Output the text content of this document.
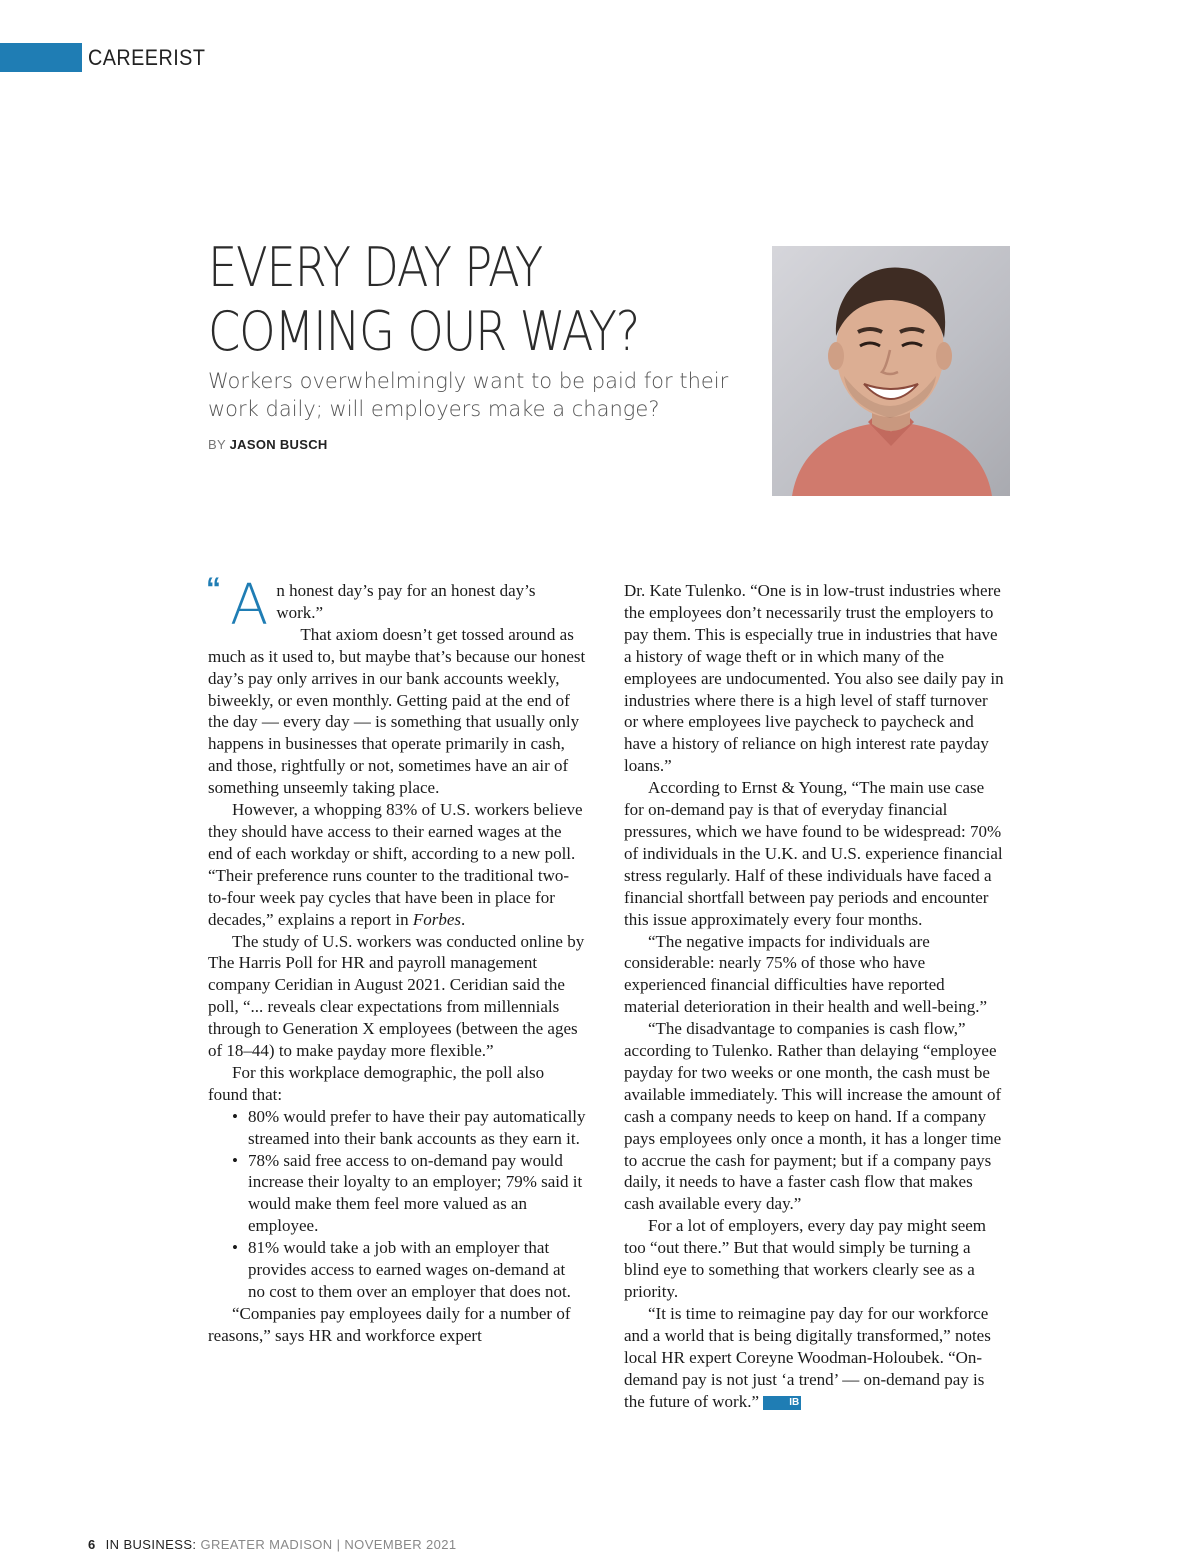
CAREERIST
EVERY DAY PAY
COMING OUR WAY?
Workers overwhelmingly want to be paid for their
work daily; will employers make a change?
BY JASON BUSCH
“ An honest day’s pay for an honest day’s work.”

That axiom doesn’t get tossed around as much as it used to, but maybe that’s because our honest day’s pay only arrives in our bank accounts weekly, biweekly, or even monthly. Getting paid at the end of the day — every day — is something that usually only happens in businesses that operate primarily in cash, and those, rightfully or not, sometimes have an air of something unseemly taking place.

However, a whopping 83% of U.S. workers believe they should have access to their earned wages at the end of each workday or shift, according to a new poll. “Their preference runs counter to the traditional two-to-four week pay cycles that have been in place for decades,” explains a report in Forbes.

The study of U.S. workers was conducted online by The Harris Poll for HR and payroll management company Ceridian in August 2021. Ceridian said the poll, “... reveals clear expectations from millennials through to Generation X employees (between the ages of 18–44) to make payday more flexible.”

For this workplace demographic, the poll also found that:

• 80% would prefer to have their pay automatically streamed into their bank accounts as they earn it.
• 78% said free access to on-demand pay would increase their loyalty to an employer; 79% said it would make them feel more valued as an employee.
• 81% would take a job with an employer that provides access to earned wages on-demand at no cost to them over an employer that does not.

“Companies pay employees daily for a number of reasons,” says HR and workforce expert

Dr. Kate Tulenko. “One is in low-trust industries where the employees don’t necessarily trust the employers to pay them. This is especially true in industries that have a history of wage theft or in which many of the employees are undocumented. You also see daily pay in industries where there is a high level of staff turnover or where employees live paycheck to paycheck and have a history of reliance on high interest rate payday loans.”

According to Ernst & Young, “The main use case for on-demand pay is that of everyday financial pressures, which we have found to be widespread: 70% of individuals in the U.K. and U.S. experience financial stress regularly. Half of these individuals have faced a financial shortfall between pay periods and encounter this issue approximately every four months.

“The negative impacts for individuals are considerable: nearly 75% of those who have experienced financial difficulties have reported material deterioration in their health and well-being.”

“The disadvantage to companies is cash flow,” according to Tulenko. Rather than delaying “employee payday for two weeks or one month, the cash must be available immediately. This will increase the amount of cash a company needs to keep on hand. If a company pays employees only once a month, it has a longer time to accrue the cash for payment; but if a company pays daily, it needs to have a faster cash flow that makes cash available every day.”

For a lot of employers, every day pay might seem too “out there.” But that would simply be turning a blind eye to something that workers clearly see as a priority.

“It is time to reimagine pay day for our workforce and a world that is being digitally transformed,” notes local HR expert Coreyne Woodman-Holoubek. “On-demand pay is not just ‘a trend’ — on-demand pay is the future of work.”	IB

6 IN BUSINESS: GREATER MADISON | NOVEMBER 2021
